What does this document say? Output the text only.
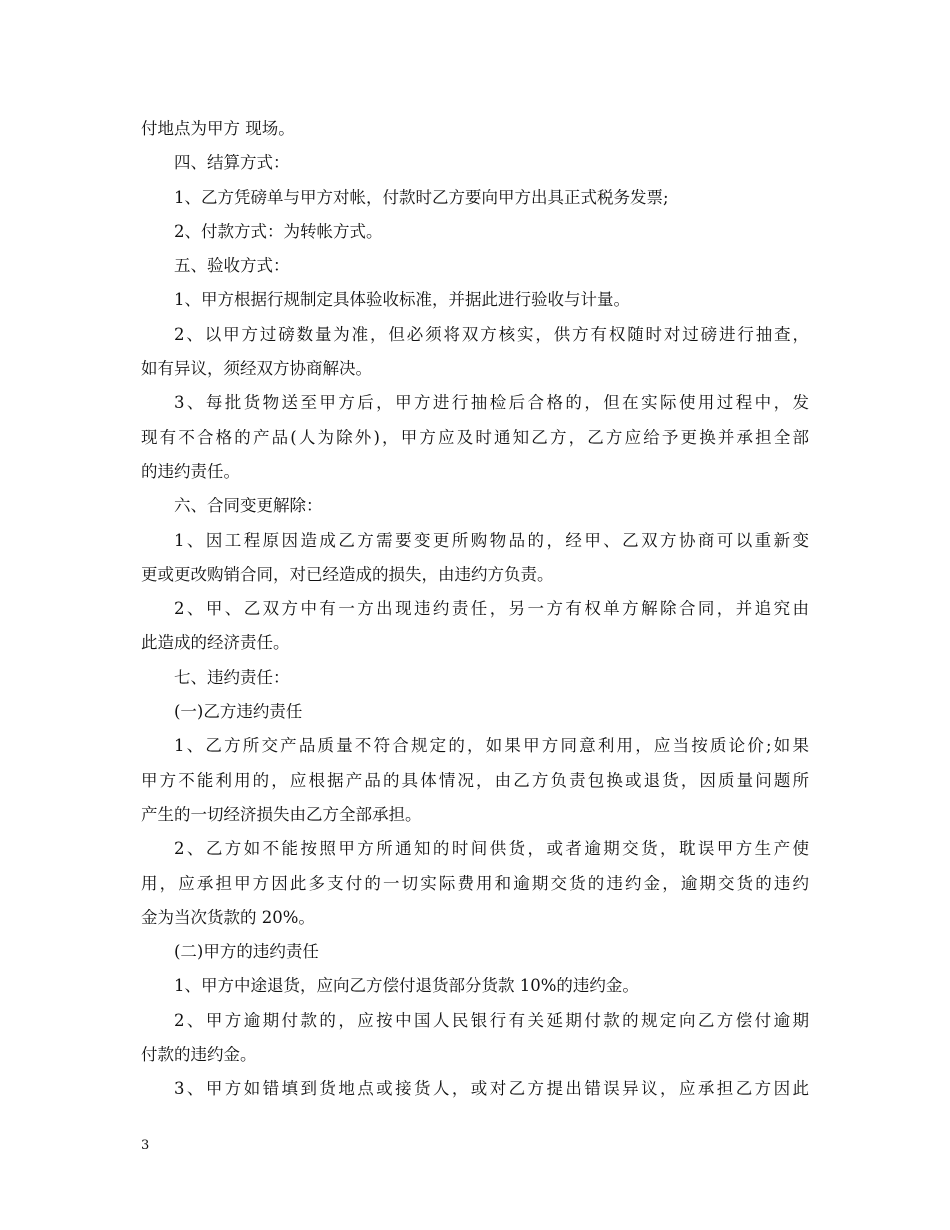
付地点为甲方 现场。
四、结算方式：
1、乙方凭磅单与甲方对帐，付款时乙方要向甲方出具正式税务发票;
2、付款方式：为转帐方式。
五、验收方式：
1、甲方根据行规制定具体验收标准，并据此进行验收与计量。
2、以甲方过磅数量为准，但必须将双方核实，供方有权随时对过磅进行抽查，
如有异议，须经双方协商解决。
3、每批货物送至甲方后，甲方进行抽检后合格的，但在实际使用过程中，发
现有不合格的产品(人为除外)，甲方应及时通知乙方，乙方应给予更换并承担全部
的违约责任。
六、合同变更解除：
1、因工程原因造成乙方需要变更所购物品的，经甲、乙双方协商可以重新变
更或更改购销合同，对已经造成的损失，由违约方负责。
2、甲、乙双方中有一方出现违约责任，另一方有权单方解除合同，并追究由
此造成的经济责任。
七、违约责任：
(一)乙方违约责任
1、乙方所交产品质量不符合规定的，如果甲方同意利用，应当按质论价;如果
甲方不能利用的，应根据产品的具体情况，由乙方负责包换或退货，因质量问题所
产生的一切经济损失由乙方全部承担。
2、乙方如不能按照甲方所通知的时间供货，或者逾期交货，耽误甲方生产使
用，应承担甲方因此多支付的一切实际费用和逾期交货的违约金，逾期交货的违约
金为当次货款的 20%。
(二)甲方的违约责任
1、甲方中途退货，应向乙方偿付退货部分货款 10%的违约金。
2、甲方逾期付款的，应按中国人民银行有关延期付款的规定向乙方偿付逾期
付款的违约金。
3、甲方如错填到货地点或接货人，或对乙方提出错误异议，应承担乙方因此
3
